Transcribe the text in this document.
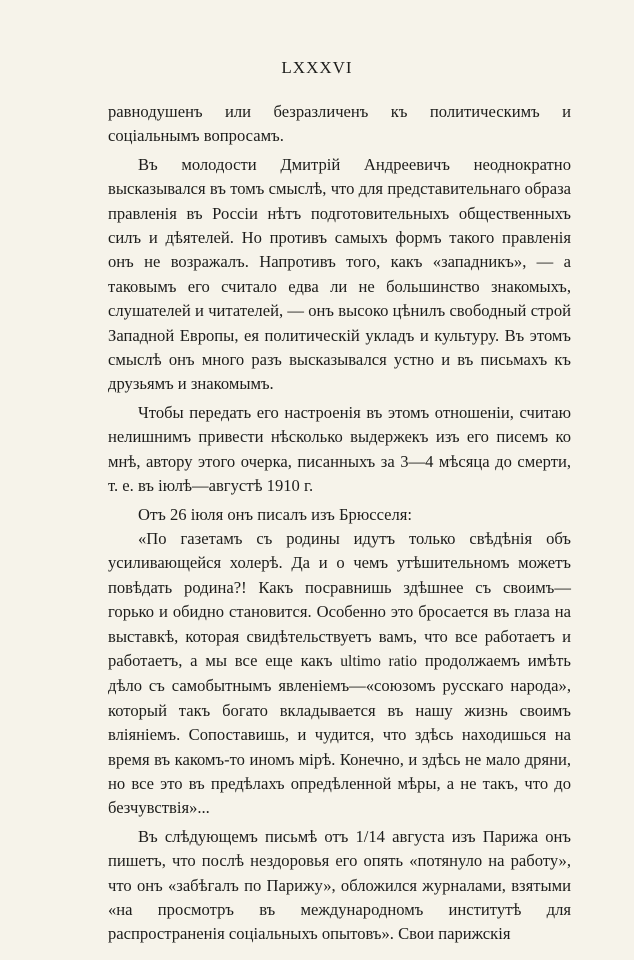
LXXXVI

равнодушенъ или безразличенъ къ политическимъ и соціальнымъ вопросамъ.

Въ молодости Дмитрій Андреевичъ неоднократно высказывался въ томъ смыслѣ, что для представительнаго образа правленія въ Россіи нѣтъ подготовительныхъ общественныхъ силъ и дѣятелей. Но противъ самыхъ формъ такого правленія онъ не возражалъ. Напротивъ того, какъ «западникъ», — а таковымъ его считало едва ли не большинство знакомыхъ, слушателей и читателей, — онъ высоко цѣнилъ свободный строй Западной Европы, ея политическій укладъ и культуру. Въ этомъ смыслѣ онъ много разъ высказывался устно и въ письмахъ къ друзьямъ и знакомымъ.

Чтобы передать его настроенія въ этомъ отношеніи, считаю нелишнимъ привести нѣсколько выдержекъ изъ его писемъ ко мнѣ, автору этого очерка, писанныхъ за 3—4 мѣсяца до смерти, т. е. въ іюлѣ—августѣ 1910 г.

Отъ 26 іюля онъ писалъ изъ Брюсселя:

«По газетамъ съ родины идутъ только свѣдѣнія объ усиливающейся холерѣ. Да и о чемъ утѣшительномъ можетъ повѣдать родина?! Какъ посравнишь здѣшнее съ своимъ—горько и обидно становится. Особенно это бросается въ глаза на выставкѣ, которая свидѣтельствуетъ вамъ, что все работаетъ и работаетъ, а мы все еще какъ ultimo ratio продолжаемъ имѣть дѣло съ самобытнымъ явленіемъ—«союзомъ русскаго народа», который такъ богато вкладывается въ нашу жизнь своимъ вліяніемъ. Сопоставишь, и чудится, что здѣсь находишься на время въ какомъ-то иномъ мірѣ. Конечно, и здѣсь не мало дряни, но все это въ предѣлахъ опредѣленной мѣры, а не такъ, что до безчувствія»...

Въ слѣдующемъ письмѣ отъ 1/14 августа изъ Парижа онъ пишетъ, что послѣ нездоровья его опять «потянуло на работу», что онъ «забѣгалъ по Парижу», обложился журналами, взятыми «на просмотръ въ международномъ институтѣ для распространенія соціальныхъ опытовъ». Свои парижскія
